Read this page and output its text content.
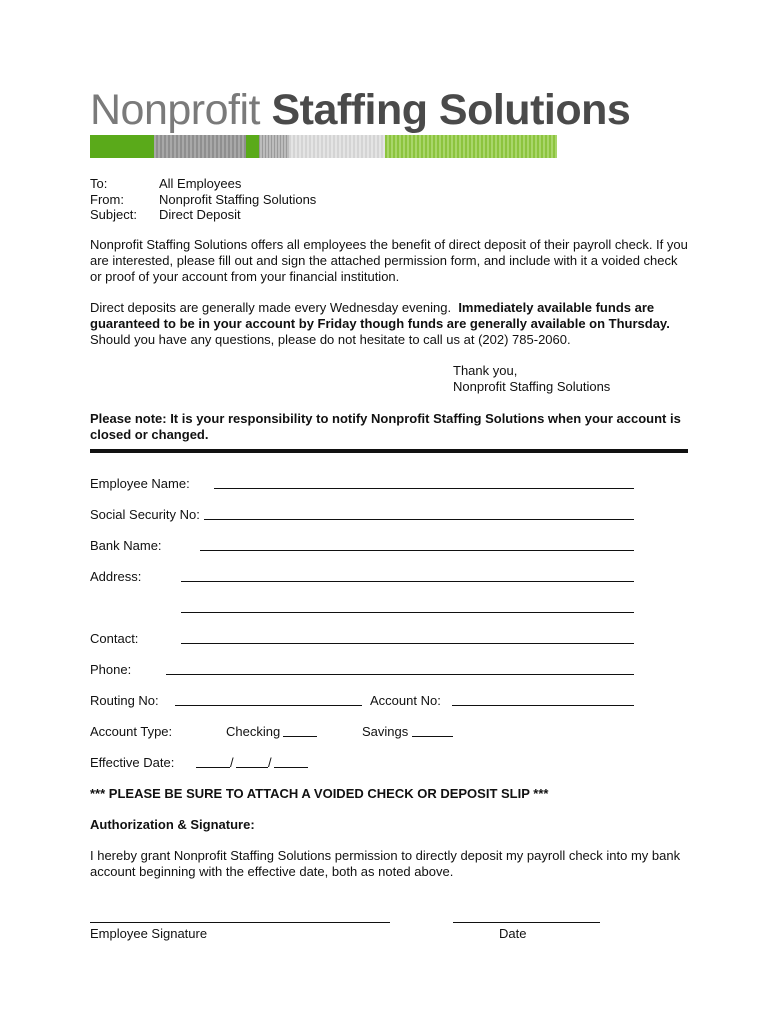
Nonprofit Staffing Solutions
To:	All Employees
From:	Nonprofit Staffing Solutions
Subject:	Direct Deposit

Nonprofit Staffing Solutions offers all employees the benefit of direct deposit of their payroll check. If you are interested, please fill out and sign the attached permission form, and include with it a voided check or proof of your account from your financial institution.

Direct deposits are generally made every Wednesday evening. Immediately available funds are guaranteed to be in your account by Friday though funds are generally available on Thursday. Should you have any questions, please do not hesitate to call us at (202) 785-2060.

Thank you,
Nonprofit Staffing Solutions

Please note: It is your responsibility to notify Nonprofit Staffing Solutions when your account is closed or changed.

Employee Name:
Social Security No:
Bank Name:
Address:
Contact:
Phone:
Routing No:	Account No:
Account Type:	Checking	Savings
Effective Date:	/	/
*** PLEASE BE SURE TO ATTACH A VOIDED CHECK OR DEPOSIT SLIP ***
Authorization & Signature:

I hereby grant Nonprofit Staffing Solutions permission to directly deposit my payroll check into my bank account beginning with the effective date, both as noted above.

Employee Signature	Date
